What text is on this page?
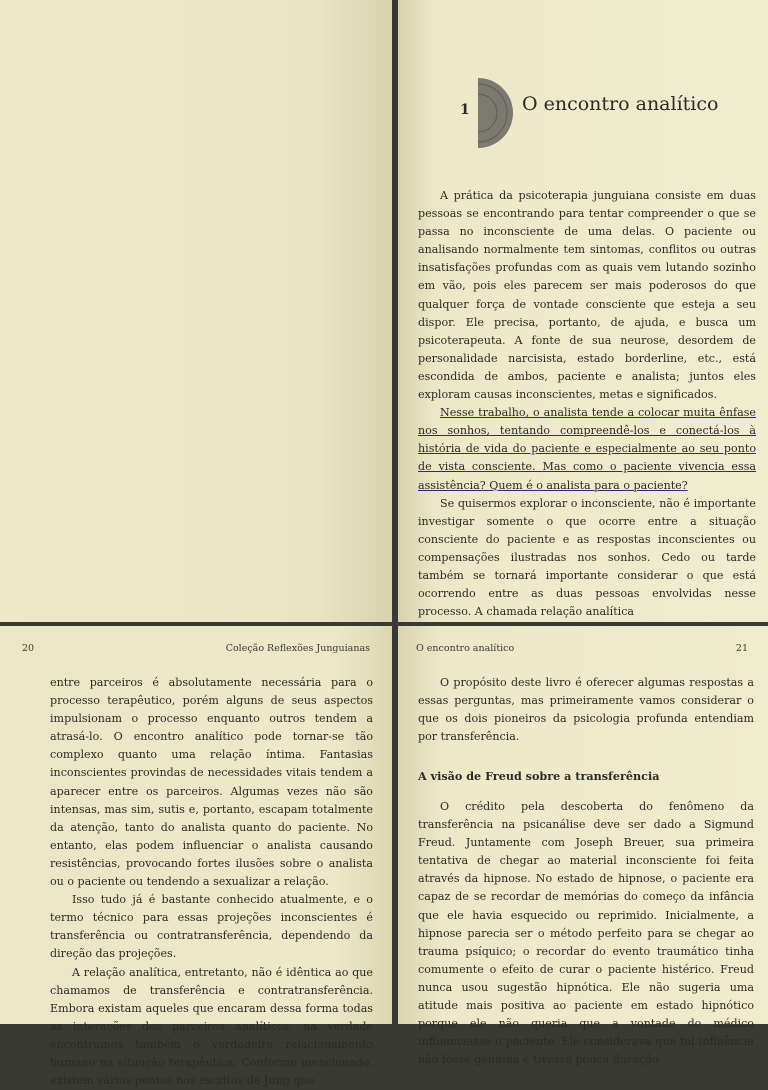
1	O encontro analítico

A prática da psicoterapia junguiana consiste em duas pessoas se encontrando para tentar compreender o que se passa no inconsciente de uma delas. O paciente ou analisando normalmente tem sintomas, conflitos ou outras insatisfações profundas com as quais vem lutando sozinho em vão, pois eles parecem ser mais poderosos do que qualquer força de vontade consciente que esteja a seu dispor. Ele precisa, portanto, de ajuda, e busca um psicoterapeuta. A fonte de sua neurose, desordem de personalidade narcisista, estado borderline, etc., está escondida de ambos, paciente e analista; juntos eles exploram causas inconscientes, metas e significados.

Nesse trabalho, o analista tende a colocar muita ênfase nos sonhos, tentando compreendê-los e conectá-los à história de vida do paciente e especialmente ao seu ponto de vista consciente. Mas como o paciente vivencia essa assistência? Quem é o analista para o paciente?

Se quisermos explorar o inconsciente, não é importante investigar somente o que ocorre entre a situação consciente do paciente e as respostas inconscientes ou compensações ilustradas nos sonhos. Cedo ou tarde também se tornará importante considerar o que está ocorrendo entre as duas pessoas envolvidas nesse processo. A chamada relação analítica

20	Coleção Reflexões Junguianas

entre parceiros é absolutamente necessária para o processo terapêutico, porém alguns de seus aspectos impulsionam o processo enquanto outros tendem a atrasá-lo. O encontro analítico pode tornar-se tão complexo quanto uma relação íntima. Fantasias inconscientes provindas de necessidades vitais tendem a aparecer entre os parceiros. Algumas vezes não são intensas, mas sim, sutis e, portanto, escapam totalmente da atenção, tanto do analista quanto do paciente. No entanto, elas podem influenciar o analista causando resistências, provocando fortes ilusões sobre o analista ou o paciente ou tendendo a sexualizar a relação.

Isso tudo já é bastante conhecido atualmente, e o termo técnico para essas projeções inconscientes é transferência ou contratransferência, dependendo da direção das projeções.

A relação analítica, entretanto, não é idêntica ao que chamamos de transferência e contratransferência. Embora existam aqueles que encaram dessa forma todas as interações dos parceiros analíticos, na verdade encontramos também o verdadeiro relacionamento humano na situação terapêutica. Conforme mencionado, existem vários pontos nos escritos de Jung que

O encontro analítico	21

O propósito deste livro é oferecer algumas respostas a essas perguntas, mas primeiramente vamos considerar o que os dois pioneiros da psicologia profunda entendiam por transferência.

A visão de Freud sobre a transferência

O crédito pela descoberta do fenômeno da transferência na psicanálise deve ser dado a Sigmund Freud. Juntamente com Joseph Breuer, sua primeira tentativa de chegar ao material inconsciente foi feita através da hipnose. No estado de hipnose, o paciente era capaz de se recordar de memórias do começo da infância que ele havia esquecido ou reprimido. Inicialmente, a hipnose parecia ser o método perfeito para se chegar ao trauma psíquico; o recordar do evento traumático tinha comumente o efeito de curar o paciente histérico. Freud nunca usou sugestão hipnótica. Ele não sugeria uma atitude mais positiva ao paciente em estado hipnótico porque ele não queria que a vontade do médico influenciasse o paciente. Ele considerava que tal influência não fosse genuína e tivesse pouca duração.
